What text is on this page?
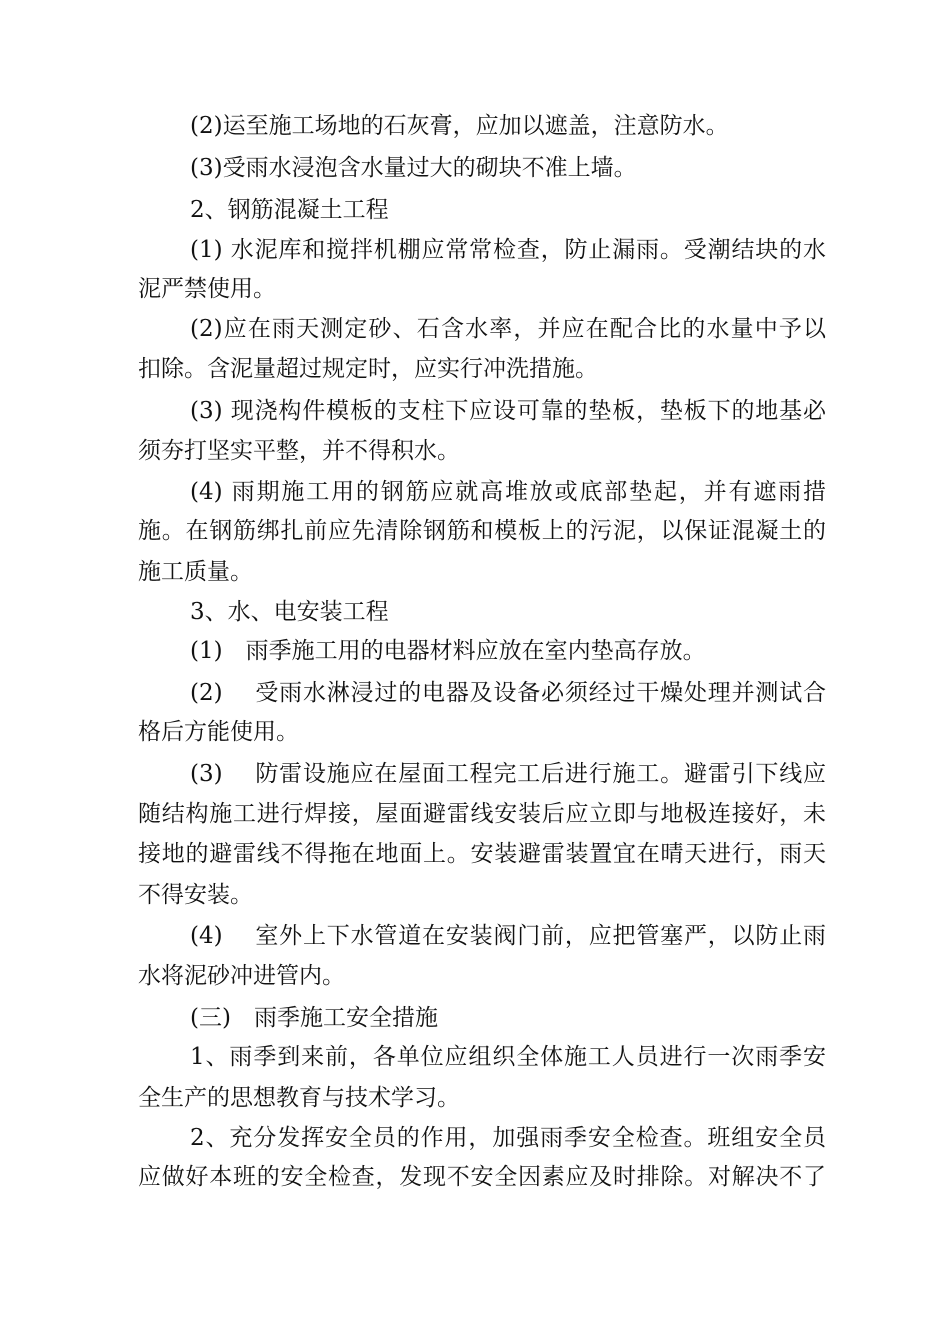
(2)运至施工场地的石灰膏，应加以遮盖，注意防水。
(3)受雨水浸泡含水量过大的砌块不准上墙。
2、钢筋混凝土工程
(1) 水泥库和搅拌机棚应常常检查，防止漏雨。受潮结块的水
泥严禁使用。
(2)应在雨天测定砂、石含水率，并应在配合比的水量中予以
扣除。含泥量超过规定时，应实行冲洗措施。
(3) 现浇构件模板的支柱下应设可靠的垫板，垫板下的地基必
须夯打坚实平整，并不得积水。
(4) 雨期施工用的钢筋应就高堆放或底部垫起，并有遮雨措
施。在钢筋绑扎前应先清除钢筋和模板上的污泥，以保证混凝土的
施工质量。
3、水、电安装工程
(1)　雨季施工用的电器材料应放在室内垫高存放。
(2)　 受雨水淋浸过的电器及设备必须经过干燥处理并测试合
格后方能使用。
(3)　 防雷设施应在屋面工程完工后进行施工。避雷引下线应
随结构施工进行焊接，屋面避雷线安装后应立即与地极连接好，未
接地的避雷线不得拖在地面上。安装避雷装置宜在晴天进行，雨天
不得安装。
(4)　 室外上下水管道在安装阀门前，应把管塞严，以防止雨
水将泥砂冲进管内。
(三)　雨季施工安全措施
1、雨季到来前，各单位应组织全体施工人员进行一次雨季安
全生产的思想教育与技术学习。
2、充分发挥安全员的作用，加强雨季安全检查。班组安全员
应做好本班的安全检查，发现不安全因素应及时排除。对解决不了
